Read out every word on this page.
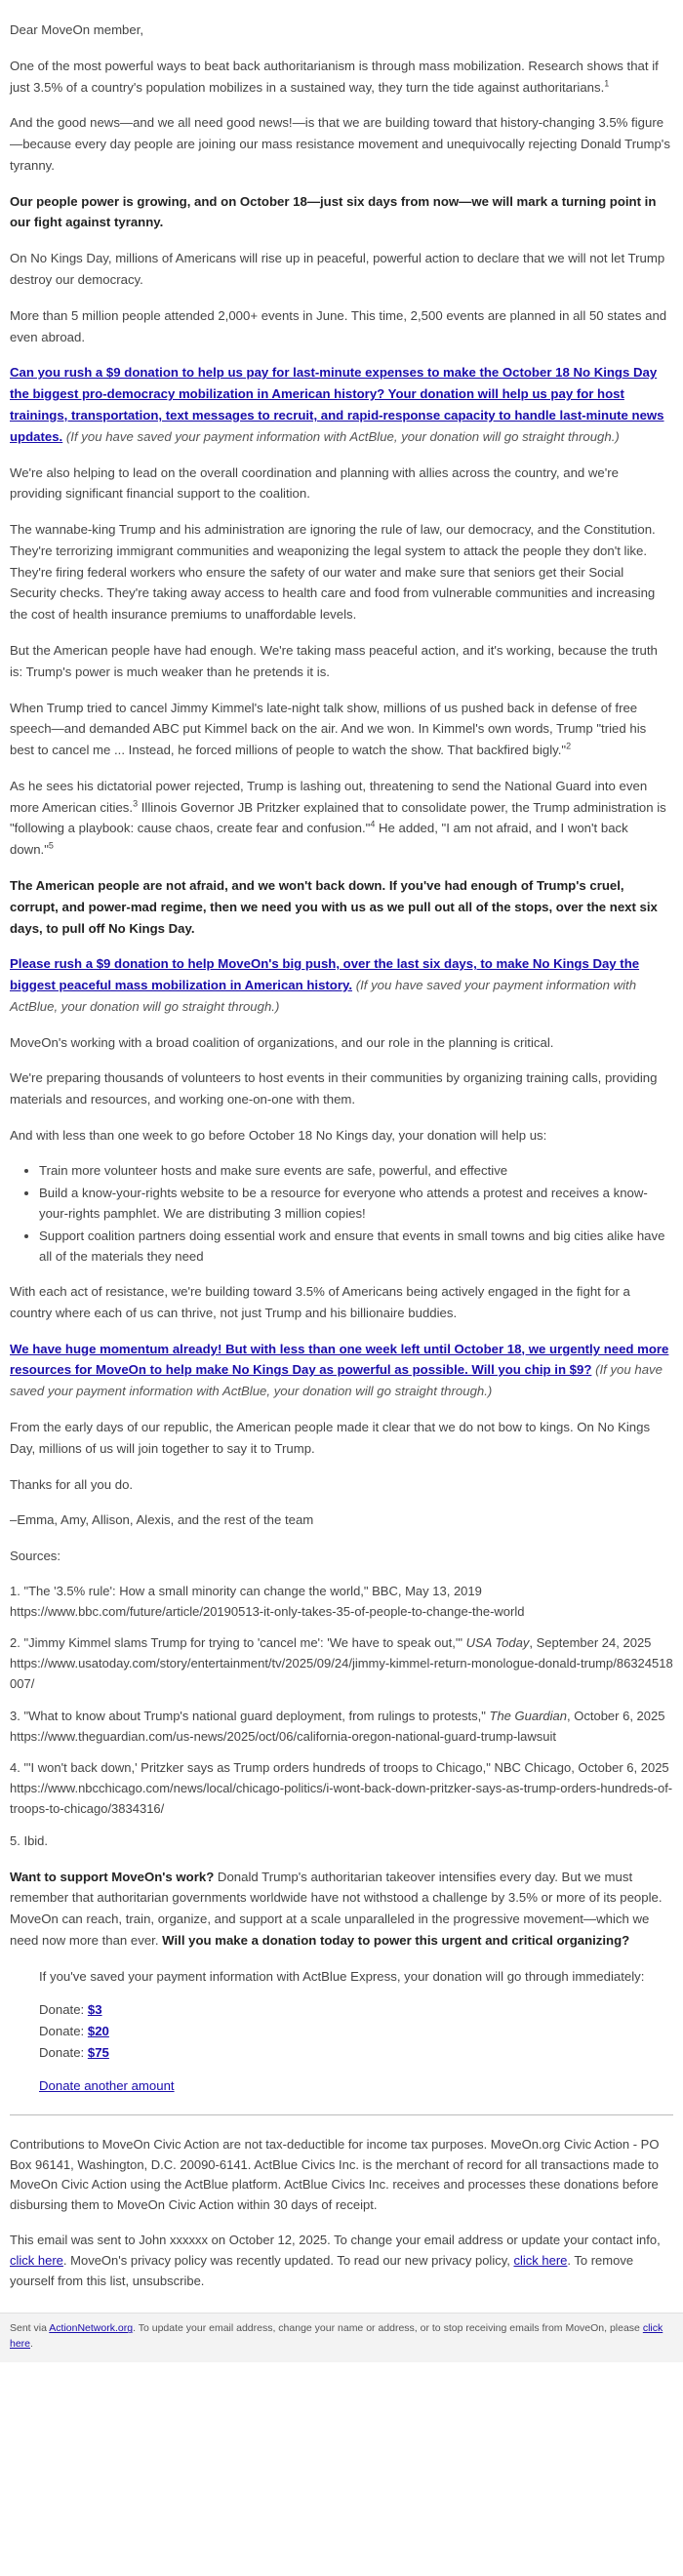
Dear MoveOn member,

One of the most powerful ways to beat back authoritarianism is through mass mobilization. Research shows that if just 3.5% of a country's population mobilizes in a sustained way, they turn the tide against authoritarians.$^1$

And the good news—and we all need good news!—is that we are building toward that history-changing 3.5% figure—because every day people are joining our mass resistance movement and unequivocally rejecting Donald Trump's tyranny.

Our people power is growing, and on October 18—just six days from now—we will mark a turning point in our fight against tyranny.

On No Kings Day, millions of Americans will rise up in peaceful, powerful action to declare that we will not let Trump destroy our democracy.

More than 5 million people attended 2,000+ events in June. This time, 2,500 events are planned in all 50 states and even abroad.

Can you rush a $9 donation to help us pay for last-minute expenses to make the October 18 No Kings Day the biggest pro-democracy mobilization in American history? Your donation will help us pay for host trainings, transportation, text messages to recruit, and rapid-response capacity to handle last-minute news updates. (If you have saved your payment information with ActBlue, your donation will go straight through.)

We're also helping to lead on the overall coordination and planning with allies across the country, and we're providing significant financial support to the coalition.

The wannabe-king Trump and his administration are ignoring the rule of law, our democracy, and the Constitution. They're terrorizing immigrant communities and weaponizing the legal system to attack the people they don't like. They're firing federal workers who ensure the safety of our water and make sure that seniors get their Social Security checks. They're taking away access to health care and food from vulnerable communities and increasing the cost of health insurance premiums to unaffordable levels.

But the American people have had enough. We're taking mass peaceful action, and it's working, because the truth is: Trump's power is much weaker than he pretends it is.

When Trump tried to cancel Jimmy Kimmel's late-night talk show, millions of us pushed back in defense of free speech—and demanded ABC put Kimmel back on the air. And we won. In Kimmel's own words, Trump "tried his best to cancel me ... Instead, he forced millions of people to watch the show. That backfired bigly."$^2$

As he sees his dictatorial power rejected, Trump is lashing out, threatening to send the National Guard into even more American cities.$^3$ Illinois Governor JB Pritzker explained that to consolidate power, the Trump administration is "following a playbook: cause chaos, create fear and confusion."$^4$ He added, "I am not afraid, and I won't back down."$^5$

The American people are not afraid, and we won't back down. If you've had enough of Trump's cruel, corrupt, and power-mad regime, then we need you with us as we pull out all of the stops, over the next six days, to pull off No Kings Day.

Please rush a $9 donation to help MoveOn's big push, over the last six days, to make No Kings Day the biggest peaceful mass mobilization in American history. (If you have saved your payment information with ActBlue, your donation will go straight through.)

MoveOn's working with a broad coalition of organizations, and our role in the planning is critical.

We're preparing thousands of volunteers to host events in their communities by organizing training calls, providing materials and resources, and working one-on-one with them.

And with less than one week to go before October 18 No Kings day, your donation will help us:

• Train more volunteer hosts and make sure events are safe, powerful, and effective
• Build a know-your-rights website to be a resource for everyone who attends a protest and receives a know-your-rights pamphlet. We are distributing 3 million copies!
• Support coalition partners doing essential work and ensure that events in small towns and big cities alike have all of the materials they need

With each act of resistance, we're building toward 3.5% of Americans being actively engaged in the fight for a country where each of us can thrive, not just Trump and his billionaire buddies.

We have huge momentum already! But with less than one week left until October 18, we urgently need more resources for MoveOn to help make No Kings Day as powerful as possible. Will you chip in $9? (If you have saved your payment information with ActBlue, your donation will go straight through.)

From the early days of our republic, the American people made it clear that we do not bow to kings. On No Kings Day, millions of us will join together to say it to Trump.

Thanks for all you do.

–Emma, Amy, Allison, Alexis, and the rest of the team

Sources:

1. "The '3.5% rule': How a small minority can change the world," BBC, May 13, 2019
https://www.bbc.com/future/article/20190513-it-only-takes-35-of-people-to-change-the-world
2. "Jimmy Kimmel slams Trump for trying to 'cancel me': 'We have to speak out,'" USA Today, September 24, 2025
https://www.usatoday.com/story/entertainment/tv/2025/09/24/jimmy-kimmel-return-monologue-donald-trump/86324518007/
3. "What to know about Trump's national guard deployment, from rulings to protests," The Guardian, October 6, 2025
https://www.theguardian.com/us-news/2025/oct/06/california-oregon-national-guard-trump-lawsuit
4. "'I won't back down,' Pritzker says as Trump orders hundreds of troops to Chicago," NBC Chicago, October 6, 2025
https://www.nbcchicago.com/news/local/chicago-politics/i-wont-back-down-pritzker-says-as-trump-orders-hundreds-of-troops-to-chicago/3834316/
5. Ibid.

Want to support MoveOn's work? Donald Trump's authoritarian takeover intensifies every day. But we must remember that authoritarian governments worldwide have not withstood a challenge by 3.5% or more of its people. MoveOn can reach, train, organize, and support at a scale unparalleled in the progressive movement—which we need now more than ever. Will you make a donation today to power this urgent and critical organizing?

If you've saved your payment information with ActBlue Express, your donation will go through immediately:

Donate: $3
Donate: $20
Donate: $75
Donate another amount

Contributions to MoveOn Civic Action are not tax-deductible for income tax purposes. MoveOn.org Civic Action - PO Box 96141, Washington, D.C. 20090-6141. ActBlue Civics Inc. is the merchant of record for all transactions made to MoveOn Civic Action using the ActBlue platform. ActBlue Civics Inc. receives and processes these donations before disbursing them to MoveOn Civic Action within 30 days of receipt.

This email was sent to John xxxxxx on October 12, 2025. To change your email address or update your contact info, click here. MoveOn's privacy policy was recently updated. To read our new privacy policy, click here. To remove yourself from this list, unsubscribe.

Sent via ActionNetwork.org. To update your email address, change your name or address, or to stop receiving emails from MoveOn, please click here.
